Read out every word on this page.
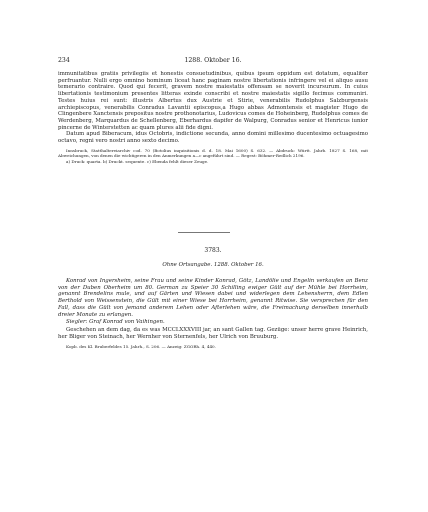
234	1288. Oktober 16.

immunitatibus gratiis privilegiis et honestis consuetudinibus, quibus ipsum oppidum est dotatum, equaliter perfruantur. Nulli ergo omnino hominum liceat hanc paginam nostre libertationis infringere vel ei aliquo ausu temerario contraire. Quod qui fecerit, gravem nostre maiestatis offensam se noverit incursurum. In cuius libertationis testimonium presentes litteras exinde conscribi et nostre maiestatis sigillo fecimus communiri. Testes huius rei sunt: illustris Albertus dux Austrie et Stirie, venerabilis Rudolphus Salzburgensis archiepiscopus, venerabilis Conradus Lavantii episcopus,a Hugo abbas Admontensis et magister Hugo de Clingenbere Xanctensis prepositus nostre prothonotarius, Ludovicus comes de Hoheinberg, Rudolphus comes de Werdenberg, Marquardus de Schellenberg, Eberhardus dapifer de Walpurg, Conradus senior et Henricus iunior pincerne de Winterstetten ac quam plures alii fide digni.

Datum apud Biberacum, idus Octobris, indictione secunda, anno domini millesimo ducentesimo octuagesimo octavo, regni vero nostri anno sexto decimo.

Innsbruck, Statthaltereiarchiv cod. 70 (Botolius inquisitionis d. d. 18. Mai 1600) S. 632. — Abdruck: Württ. Jahrb. 1827 S. 168, mit Abweichungen, von denen die wichtigeren in den Anmerkungen a—c angeführt sind. — Regest: Böhmer-Redlich 2196.

a) Druck: quarta. b) Druckt. sequente. c) Ebenda fehlt dieser Zeuge.

3783.
Ohne Ortsangabe. 1288. Oktober 16.

Konrad von Ingersheim, seine Frau und seine Kinder Konrad, Götz, Landölie und Engelin verkaufen an Benz von der Duben Oberheim um 80. German zu Speier 30 Schilling ewiger Gült auf der Mühle bei Horrheim, genannt Brendelins mule, und auf Gärten und Wiesen dabei und widerlegen dem Lehensherrn, dem Edlen Berthold von Weissenstein, die Gült mit einer Wiese bei Horrheim, genannt Ritwise. Sie versprechen für den Fall, dass die Gült von jemand anderem Lehen oder Afterlehen wäre, die Freimachung derselben innerhalb dreier Monate zu erlangen.

Siegler: Graf Konrad von Vaihingen.

Geschehen an dem dag, da es was MCCLXXXVIII jar, an sant Gallen tag. Gezüge: unser herre grave Heinrich, her Bliger von Steinach, her Wernher von Sternenfels, her Ulrich von Bruuburg.

Kopb. des Kl. Bruberfeldes 15. Jahrh., S. 206. — Anzeig: ZGORh. 4, 440.
